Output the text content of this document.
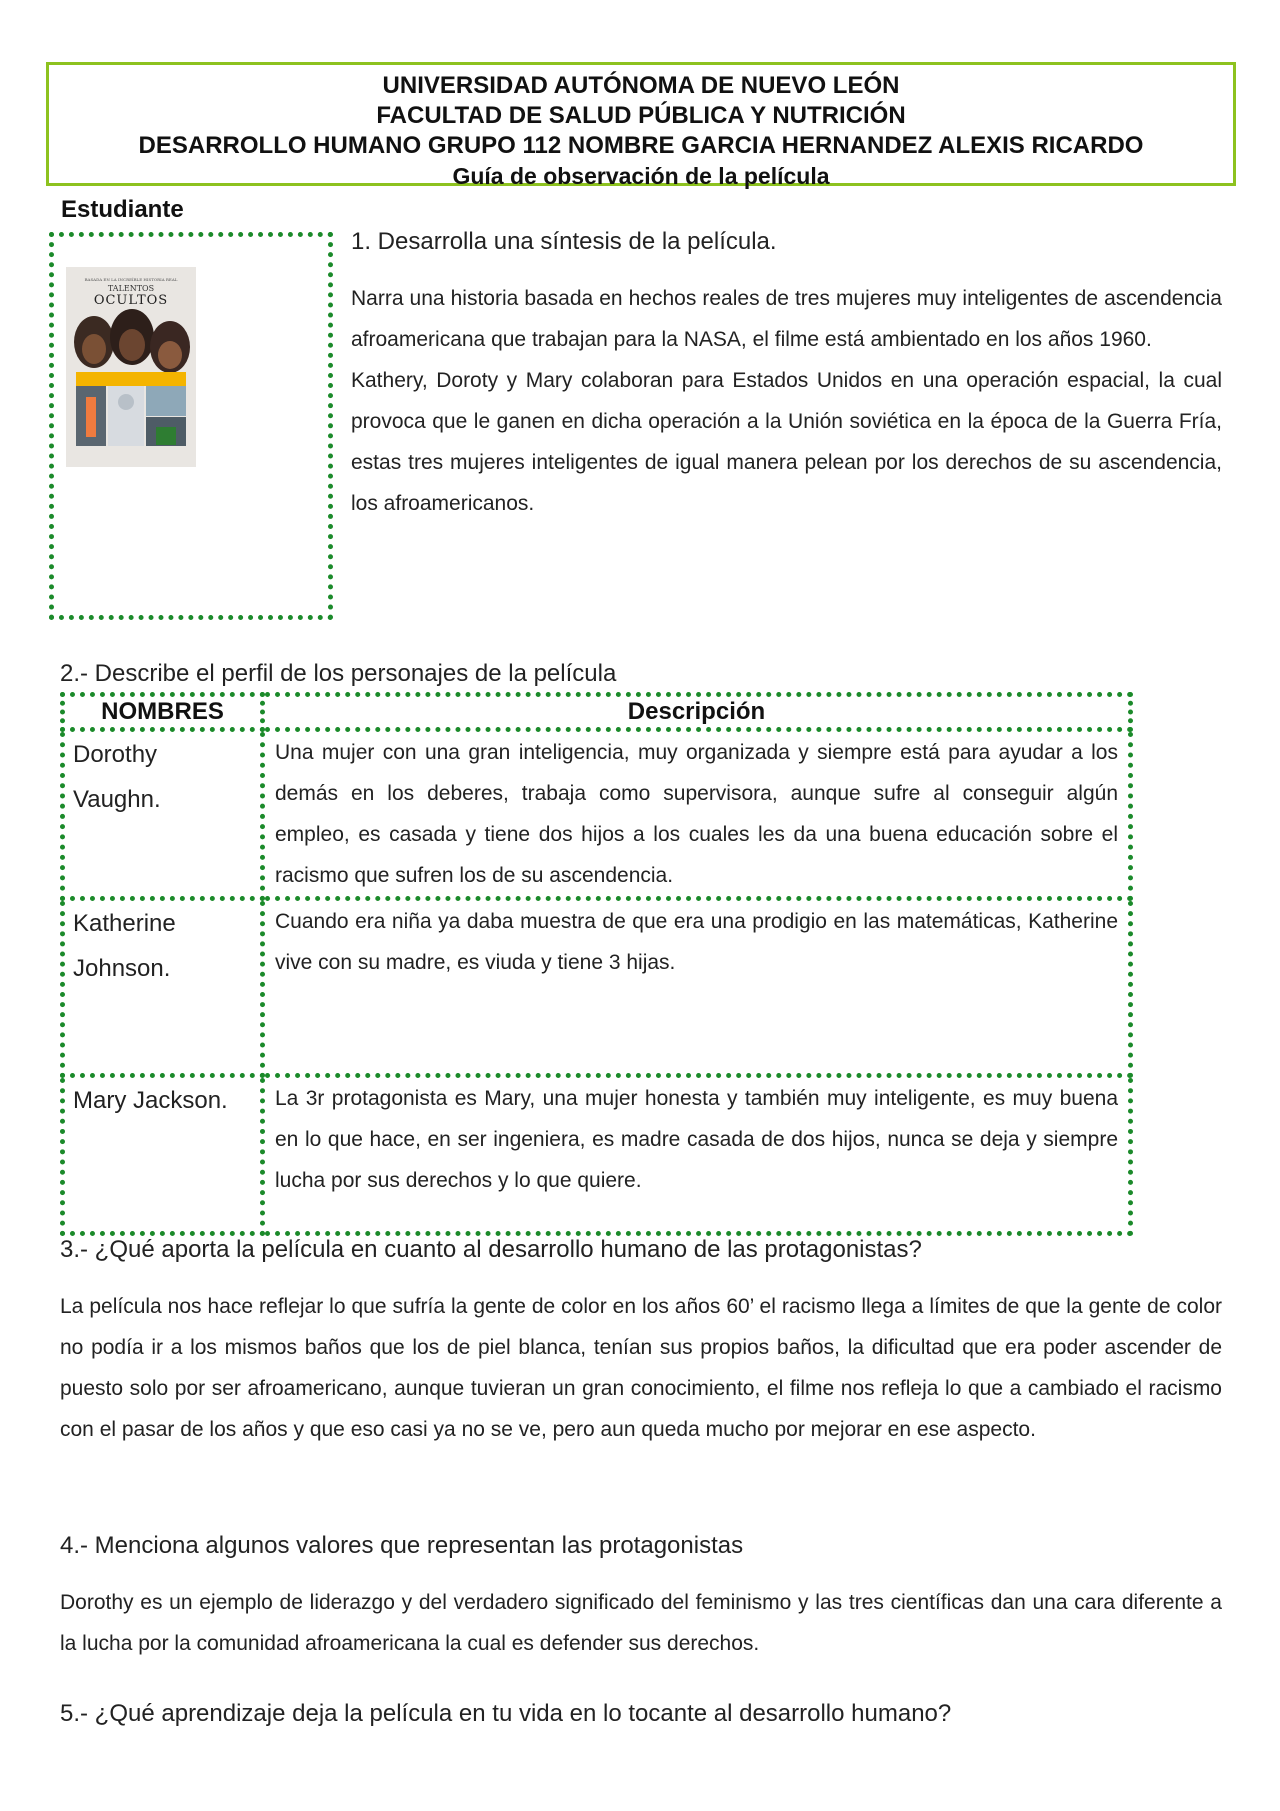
UNIVERSIDAD AUTÓNOMA DE NUEVO LEÓN
FACULTAD DE SALUD PÚBLICA Y NUTRICIÓN
DESARROLLO HUMANO GRUPO 112 NOMBRE GARCIA HERNANDEZ ALEXIS RICARDO
Guía de observación de la película
Estudiante
BASADA EN LA INCREÍBLE HISTORIA REAL
TALENTOS
OCULTOS
1. Desarrolla una síntesis de la película.

Narra una historia basada en hechos reales de tres mujeres muy inteligentes de ascendencia afroamericana que trabajan para la NASA, el filme está ambientado en los años 1960.

Kathery, Doroty y Mary colaboran para Estados Unidos en una operación espacial, la cual provoca que le ganen en dicha operación a la Unión soviética en la época de la Guerra Fría, estas tres mujeres inteligentes de igual manera pelean por los derechos de su ascendencia, los afroamericanos.

2.- Describe el perfil de los personajes de la película
NOMBRES	Descripción

Dorothy
Vaughn.	Una mujer con una gran inteligencia, muy organizada y siempre está para ayudar a los demás en los deberes, trabaja como supervisora, aunque sufre al conseguir algún empleo, es casada y tiene dos hijos a los cuales les da una buena educación sobre el racismo que sufren los de su ascendencia.

Katherine
Johnson.	Cuando era niña ya daba muestra de que era una prodigio en las matemáticas, Katherine vive con su madre, es viuda y tiene 3 hijas.

Mary Jackson.	La 3r protagonista es Mary, una mujer honesta y también muy inteligente, es muy buena en lo que hace, en ser ingeniera, es madre casada de dos hijos, nunca se deja y siempre lucha por sus derechos y lo que quiere.
3.- ¿Qué aporta la película en cuanto al desarrollo humano de las protagonistas?
La película nos hace reflejar lo que sufría la gente de color en los años 60’ el racismo llega a límites de que la gente de color no podía ir a los mismos baños que los de piel blanca, tenían sus propios baños, la dificultad que era poder ascender de puesto solo por ser afroamericano, aunque tuvieran un gran conocimiento, el filme nos refleja lo que a cambiado el racismo con el pasar de los años y que eso casi ya no se ve, pero aun queda mucho por mejorar en ese aspecto.
4.- Menciona algunos valores que representan las protagonistas
Dorothy es un ejemplo de liderazgo y del verdadero significado del feminismo y las tres científicas dan una cara diferente a la lucha por la comunidad afroamericana la cual es defender sus derechos.
5.- ¿Qué aprendizaje deja la película en tu vida en lo tocante al desarrollo humano?
